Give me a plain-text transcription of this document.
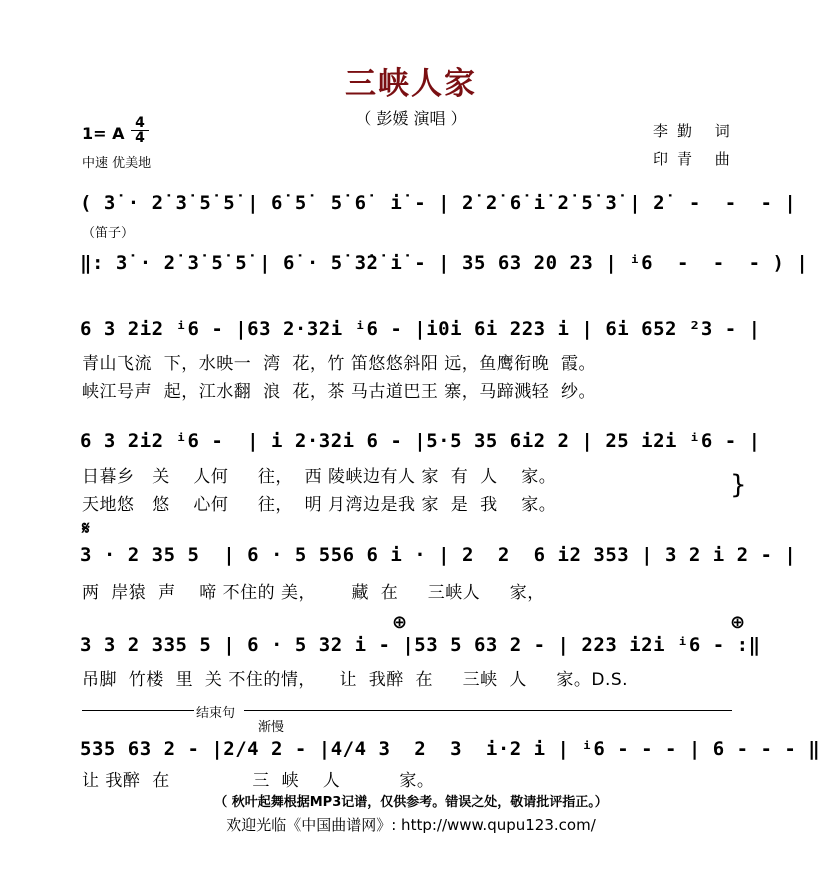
三峡人家
（ 彭媛 演唱 ）
1= A
4
4
中速 优美地
李勤 词
印青 曲
( 3̇ · 2̇ 3̇ 5̇ 5̇ | 6̇ 5̇  5̇ 6̇  i̇ - | 2̇ 2̇ 6̇ i̇ 2̇ 5̇ 3̇ | 2̇  -  -  - |
（笛子）
‖: 3̇ · 2̇ 3̇ 5̇ 5̇ | 6̇ · 5̇ 3̇2̇ i̇ - | 35 63 20 23 | ⁱ6  -  -  - ) |
6 3 2i2 ⁱ6 - |63 2·32i ⁱ6 - |i0i 6i 223 i | 6i 652 ²3 - |
青山飞流  下，水映一  湾  花，竹 笛悠悠斜阳 远，鱼鹰衔晚  霞。
峡江号声  起，江水翻  浪  花，茶 马古道巴王 寨，马蹄溅轻  纱。
6 3 2i2 ⁱ6 -  | i 2·32i 6 - |5·5 35 6i2 2 | 25 i2i ⁱ6 - |
日暮乡   关    人何     往，  西 陵峡边有人 家  有  人    家。
天地悠   悠    心何     往，  明 月湾边是我 家  是  我    家。
}
𝄋
3 · 2 35 5  | 6 · 5 556 6 i · | 2  2  6 i2 353 | 3 2 i 2 - |
两  岸猿  声    啼 不住的 美，      藏  在     三峡人     家，
⊕	⊕
3 3 2 335 5 | 6 · 5 32 i - |53 5 63 2 - | 223 i2i ⁱ6 - :‖
吊脚  竹楼  里  关 不住的情，    让  我醉  在     三峡  人     家。D.S.
结束句
渐慢
535 63 2 - |2/4 2 - |4/4 3  2  3  i·2 i | ⁱ6 - - - | 6 - - - ‖
让 我醉  在              三  峡    人          家。
（ 秋叶起舞根据MP3记谱，仅供参考。错误之处，敬请批评指正。）
欢迎光临《中国曲谱网》: http://www.qupu123.com/
